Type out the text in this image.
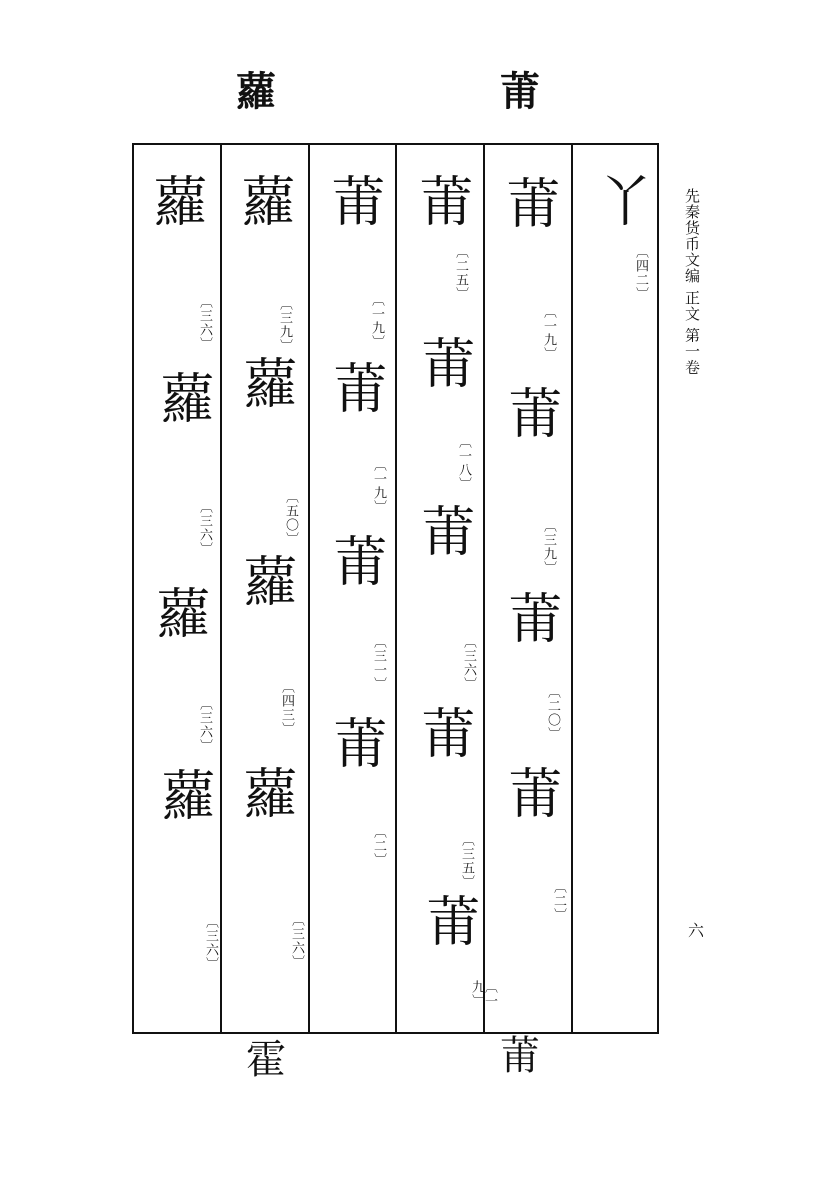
蘿	莆
丫
〔 四二 〕
莆
〔 一九 〕
莆
〔 三九 〕
莆
〔 二〇 〕
莆
〔 二 〕
莆
〔 二五 〕
莆
〔 一八 〕
莆
〔 三六 〕
莆
〔 三五 〕
莆
〔 一九 〕
莆
〔 一九 〕
莆
〔 一九 〕
莆
〔 三一 〕
莆
〔 二 〕
蘿
〔 三九 〕
蘿
〔 五〇 〕
蘿
〔 四三 〕
蘿
〔 三六 〕
蘿
〔 三六 〕
蘿
〔 三六 〕
蘿
〔 三六 〕
蘿
〔 三六 〕
霍	莆
先秦货币文编 正文 第一卷
六
